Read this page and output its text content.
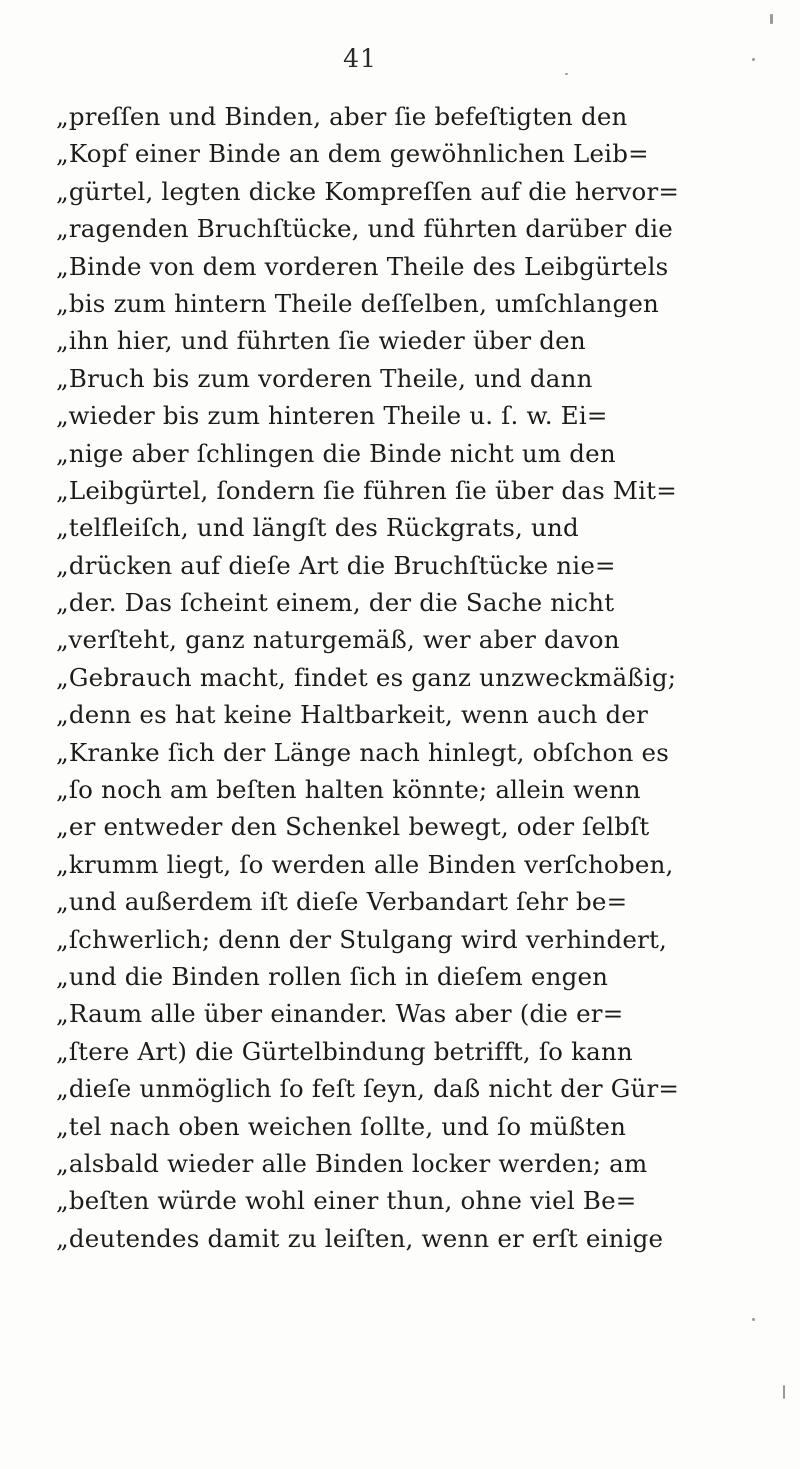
41
„preſſen und Binden, aber ſie befeſtigten den
„Kopf einer Binde an dem gewöhnlichen Leib=
„gürtel, legten dicke Kompreſſen auf die hervor=
„ragenden Bruchſtücke, und führten darüber die
„Binde von dem vorderen Theile des Leibgürtels
„bis zum hintern Theile deſſelben, umſchlangen
„ihn hier, und führten ſie wieder über den
„Bruch bis zum vorderen Theile, und dann
„wieder bis zum hinteren Theile u. ſ. w. Ei=
„nige aber ſchlingen die Binde nicht um den
„Leibgürtel, ſondern ſie führen ſie über das Mit=
„telfleiſch, und längſt des Rückgrats, und
„drücken auf dieſe Art die Bruchſtücke nie=
„der. Das ſcheint einem, der die Sache nicht
„verſteht, ganz naturgemäß, wer aber davon
„Gebrauch macht, findet es ganz unzweckmäßig;
„denn es hat keine Haltbarkeit, wenn auch der
„Kranke ſich der Länge nach hinlegt, obſchon es
„ſo noch am beſten halten könnte; allein wenn
„er entweder den Schenkel bewegt, oder ſelbſt
„krumm liegt, ſo werden alle Binden verſchoben,
„und außerdem iſt dieſe Verbandart ſehr be=
„ſchwerlich; denn der Stulgang wird verhindert,
„und die Binden rollen ſich in dieſem engen
„Raum alle über einander. Was aber (die er=
„ſtere Art) die Gürtelbindung betrifft, ſo kann
„dieſe unmöglich ſo feſt ſeyn, daß nicht der Gür=
„tel nach oben weichen ſollte, und ſo müßten
„alsbald wieder alle Binden locker werden; am
„beſten würde wohl einer thun, ohne viel Be=
„deutendes damit zu leiſten, wenn er erſt einige
